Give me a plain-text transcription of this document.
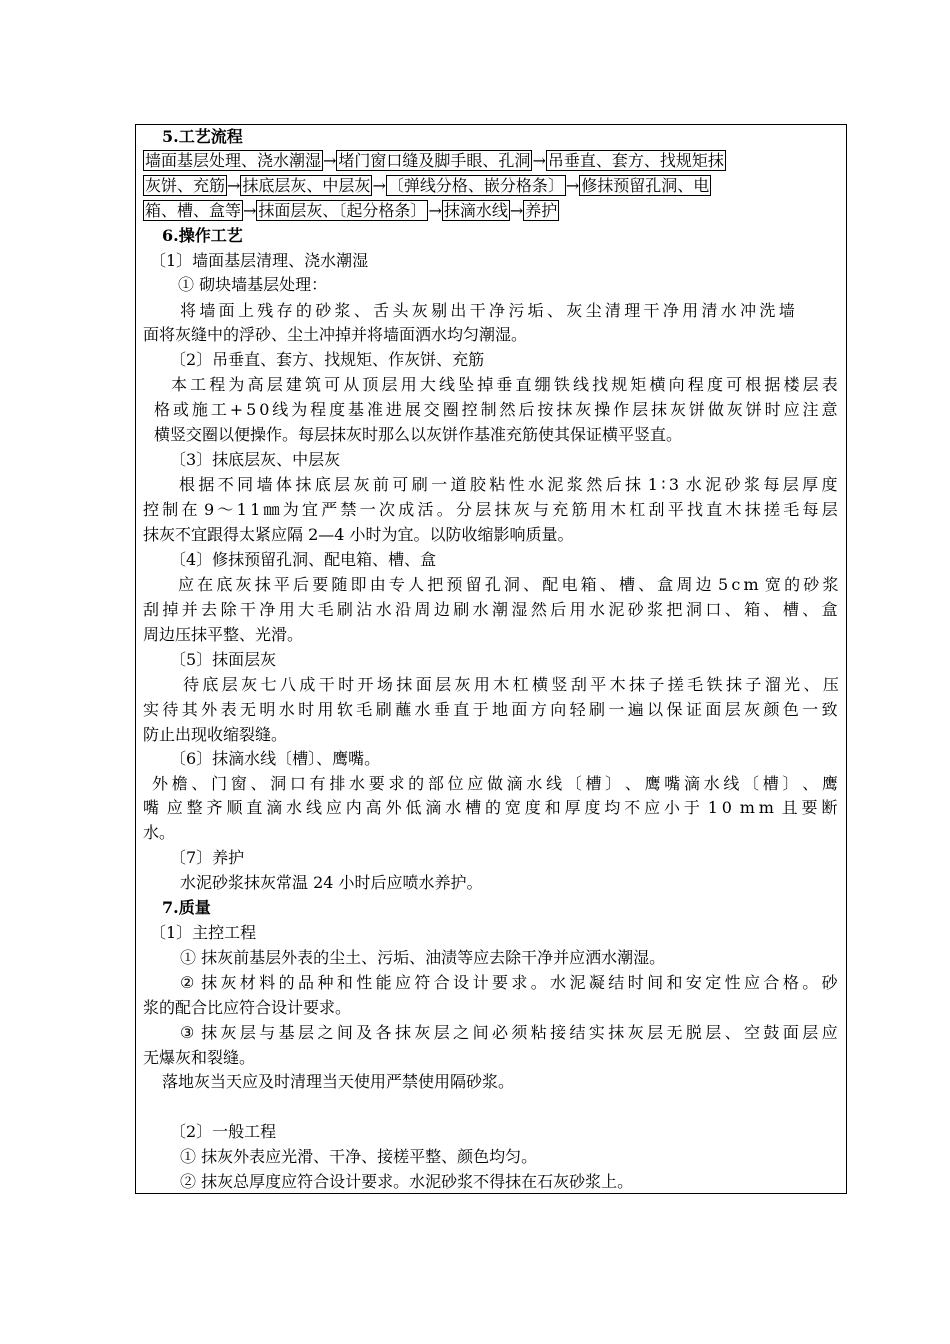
5.工艺流程
墙面基层处理、浇水潮湿 → 堵门窗口缝及脚手眼、孔洞 → 吊垂直、套方、找规矩抹
灰饼、充筋 → 抹底层灰、中层灰 → 〔弹线分格、嵌分格条〕 → 修抹预留孔洞、电
箱、槽、盒等 → 抹面层灰、〔起分格条〕 → 抹滴水线 → 养护
6.操作工艺
〔1〕墙面基层清理、浇水潮湿
① 砌块墙基层处理：
将 墙 面 上 残 存 的 砂 浆 、 舌 头 灰 剔 出 干 净 污 垢 、 灰 尘 清 理 干 净 用 清 水 冲 洗 墙
面将灰缝中的浮砂、尘土冲掉并将墙面洒水均匀潮湿。
〔2〕吊垂直、套方、找规矩、作灰饼、充筋
本 工 程 为 高 层 建 筑 可 从 顶 层 用 大 线 坠 掉 垂 直 绷 铁 线 找 规 矩 横 向 程 度 可 根 据 楼 层 表
格 或 施 工 + 5 0 线 为 程 度 基 准 进 展 交 圈 控 制 然 后 按 抹 灰 操 作 层 抹 灰 饼 做 灰 饼 时 应 注 意
横竖交圈以便操作。每层抹灰时那么以灰饼作基准充筋使其保证横平竖直。
〔3〕抹底层灰、中层灰
根 据 不 同 墙 体 抹 底 层 灰 前 可 刷 一 道 胶 粘 性 水 泥 浆 然 后 抹 1 ∶ 3 水 泥 砂 浆 每 层 厚 度
控 制 在 9 ～ 1 1 ㎜ 为 宜 严 禁 一 次 成 活 。 分 层 抹 灰 与 充 筋 用 木 杠 刮 平 找 直 木 抹 搓 毛 每 层
抹灰不宜跟得太紧应隔 2—4 小时为宜。以防收缩影响质量。
〔4〕修抹预留孔洞、配电箱、槽、盒
应 在 底 灰 抹 平 后 要 随 即 由 专 人 把 预 留 孔 洞 、 配 电 箱 、 槽 、 盒 周 边 5 c m 宽 的 砂 浆
刮 掉 并 去 除 干 净 用 大 毛 刷 沾 水 沿 周 边 刷 水 潮 湿 然 后 用 水 泥 砂 浆 把 洞 口 、 箱 、 槽 、 盒
周边压抹平整、光滑。
〔5〕抹面层灰
待 底 层 灰 七 八 成 干 时 开 场 抹 面 层 灰 用 木 杠 横 竖 刮 平 木 抹 子 搓 毛 铁 抹 子 溜 光 、 压
实 待 其 外 表 无 明 水 时 用 软 毛 刷 蘸 水 垂 直 于 地 面 方 向 轻 刷 一 遍 以 保 证 面 层 灰 颜 色 一 致
防止出现收缩裂缝。
〔6〕抹滴水线〔槽〕、鹰嘴。
外 檐 、 门 窗 、 洞 口 有 排 水 要 求 的 部 位 应 做 滴 水 线 〔 槽 〕 、 鹰 嘴 滴 水 线 〔 槽 〕 、 鹰
嘴 应 整 齐 顺 直 滴 水 线 应 内 高 外 低 滴 水 槽 的 宽 度 和 厚 度 均 不 应 小 于 1 0 m m 且 要 断
水。
〔7〕养护
水泥砂浆抹灰常温 24 小时后应喷水养护。
7.质量
〔1〕主控工程
① 抹灰前基层外表的尘土、污垢、油渍等应去除干净并应洒水潮湿。
② 抹 灰 材 料 的 品 种 和 性 能 应 符 合 设 计 要 求 。 水 泥 凝 结 时 间 和 安 定 性 应 合 格 。 砂
浆的配合比应符合设计要求。
③ 抹 灰 层 与 基 层 之 间 及 各 抹 灰 层 之 间 必 须 粘 接 结 实 抹 灰 层 无 脱 层 、 空 鼓 面 层 应
无爆灰和裂缝。
落地灰当天应及时清理当天使用严禁使用隔砂浆。
〔2〕一般工程
① 抹灰外表应光滑、干净、接槎平整、颜色均匀。
② 抹灰总厚度应符合设计要求。水泥砂浆不得抹在石灰砂浆上。
